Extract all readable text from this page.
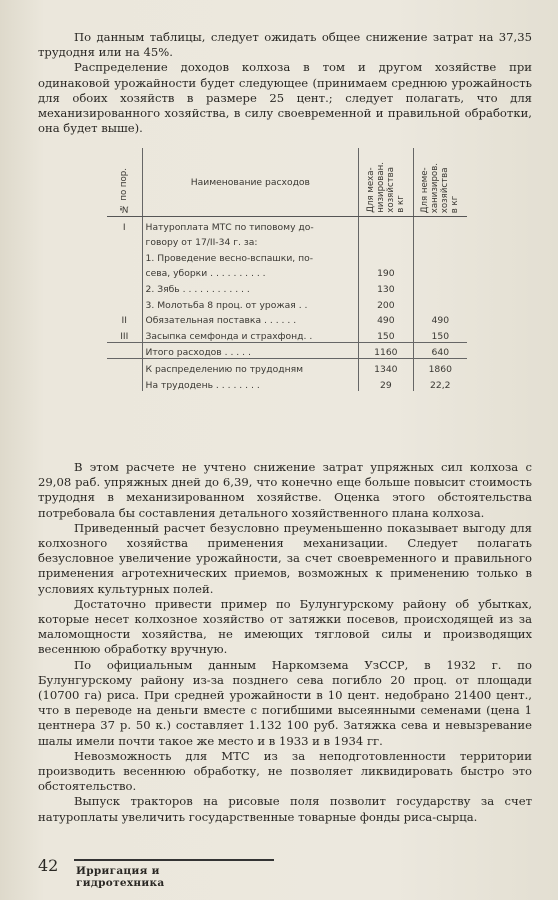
По данным таблицы, следует ожидать общее снижение затрат на 37,35 трудодня или на 45%.

Распределение доходов колхоза в том и другом хозяйстве при одинаковой урожайности будет следующее (принимаем среднюю урожайность для обоих хозяйств в размере 25 цент.; следует полагать, что для механизированного хозяйства, в силу своевременной и правильной обработки, она будет выше).

№ по пор.	Наименование расходов	Для меха-
низирован.
хозяйства
в кг	Для неме-
ханизиров.
хозяйства
в кг
I	Натуроплата МТС по типовому до-		
	говору от 17/II-34 г. за:		
	1. Проведение весно-вспашки, по-		
	сева, уборки . . . . . . . . . .	190	
	2. Зябь . . . . . . . . . . . .	130	
	3. Молотьба 8 проц. от урожая . .	200	
II	Обязательная поставка . . . . . .	490	490
III	Засыпка семфонда и страхфонд. .	150	150
	Итого расходов . . . . .	1160	640
	К распределению по трудодням	1340	1860
	На трудодень . . . . . . . .	29	22,2

В этом расчете не учтено снижение затрат упряжных сил колхоза с 29,08 раб. упряжных дней до 6,39, что конечно еще больше повысит стоимость трудодня в механизированном хозяйстве. Оценка этого обстоятельства потребовала бы составления детального хозяйственного плана колхоза.

Приведенный расчет безусловно преуменьшенно показывает выгоду для колхозного хозяйства применения механизации. Следует полагать безусловное увеличение урожайности, за счет своевременного и правильного применения агротехнических приемов, возможных к применению только в условиях культурных полей.

Достаточно привести пример по Булунгурскому району об убытках, которые несет колхозное хозяйство от затяжки посевов, происходящей из за маломощности хозяйства, не имеющих тягловой силы и производящих весеннюю обработку вручную.

По официальным данным Наркомзема УзССР, в 1932 г. по Булунгурскому району из-за позднего сева погибло 20 проц. от площади (10700 га) риса. При средней урожайности в 10 цент. недобрано 21400 цент., что в переводе на деньги вместе с погибшими высеянными семенами (цена 1 центнера 37 р. 50 к.) составляет 1.132 100 руб. Затяжка сева и невызревание шалы имели почти такое же место и в 1933 и в 1934 гг.

Невозможность для МТС из за неподготовленности территории производить весеннюю обработку, не позволяет ликвидировать быстро это обстоятельство.

Выпуск тракторов на рисовые поля позволит государству за счет натуроплаты увеличить государственные товарные фонды риса-сырца.

42 Ирригация и гидротехника
